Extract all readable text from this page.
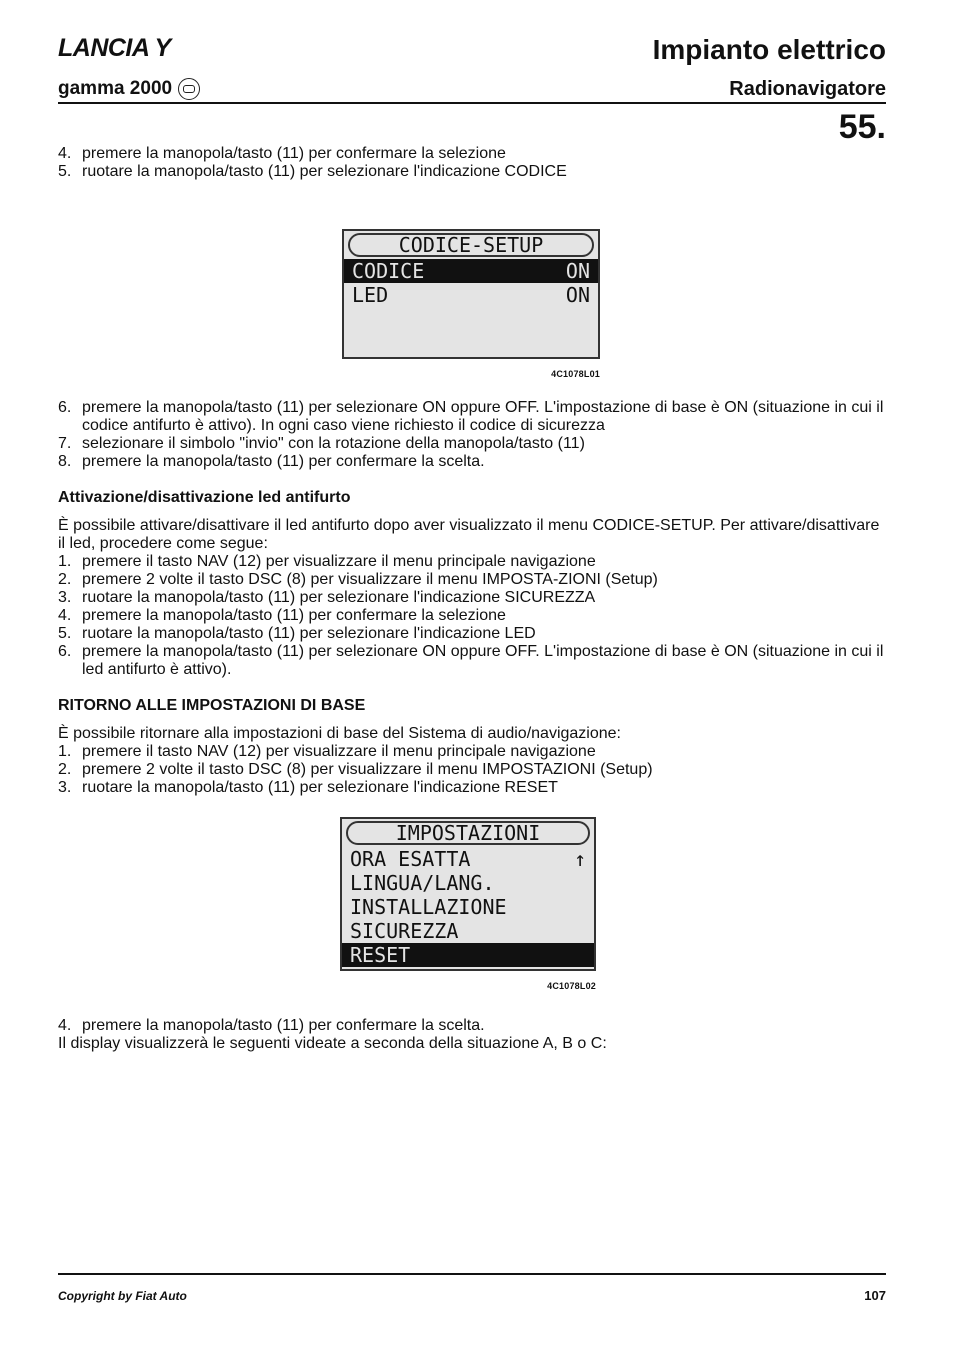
LANCIA Y
gamma 2000
Impianto elettrico
Radionavigatore
55.
4. premere la manopola/tasto (11) per confermare la selezione
5. ruotare la manopola/tasto (11) per selezionare l'indicazione CODICE
CODICE-SETUP
CODICE	ON
LED	ON
4C1078L01
6. premere la manopola/tasto (11) per selezionare ON oppure OFF. L'impostazione di base è ON (situazione in cui il codice antifurto è attivo). In ogni caso viene richiesto il codice di sicurezza
7. selezionare il simbolo "invio" con la rotazione della manopola/tasto (11)
8. premere la manopola/tasto (11) per confermare la scelta.
Attivazione/disattivazione led antifurto

È possibile attivare/disattivare il led antifurto dopo aver visualizzato il menu CODICE-SETUP. Per attivare/disattivare il led, procedere come segue:

1. premere il tasto NAV (12) per visualizzare il menu principale navigazione
2. premere 2 volte il tasto DSC (8) per visualizzare il menu IMPOSTA-ZIONI (Setup)
3. ruotare la manopola/tasto (11) per selezionare l'indicazione SICUREZZA
4. premere la manopola/tasto (11) per confermare la selezione
5. ruotare la manopola/tasto (11) per selezionare l'indicazione LED
6. premere la manopola/tasto (11) per selezionare ON oppure OFF. L'impostazione di base è ON (situazione in cui il led antifurto è attivo).
RITORNO ALLE IMPOSTAZIONI DI BASE

È possibile ritornare alla impostazioni di base del Sistema di audio/navigazione:

1. premere il tasto NAV (12) per visualizzare il menu principale navigazione
2. premere 2 volte il tasto DSC (8) per visualizzare il menu IMPOSTAZIONI (Setup)
3. ruotare la manopola/tasto (11) per selezionare l'indicazione RESET
IMPOSTAZIONI
ORA ESATTA	↑
LINGUA/LANG.
INSTALLAZIONE
SICUREZZA
RESET
4C1078L02
4. premere la manopola/tasto (11) per confermare la scelta.

Il display visualizzerà le seguenti videate a seconda della situazione A, B o C:

Copyright by Fiat Auto	107
